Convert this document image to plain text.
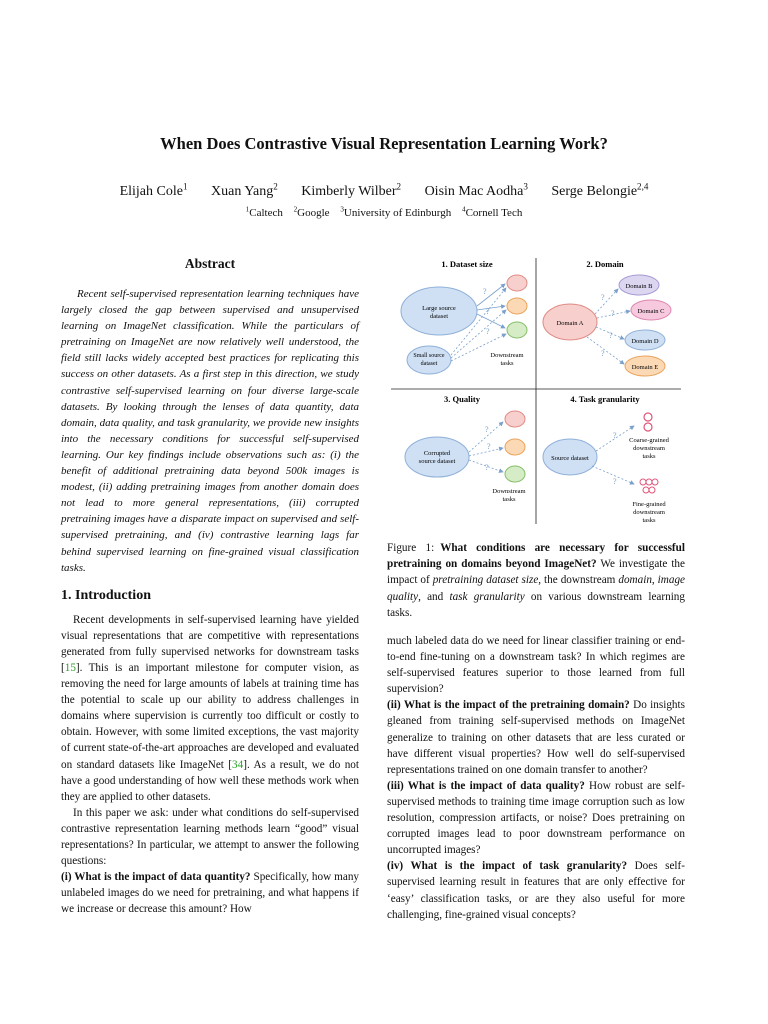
When Does Contrastive Visual Representation Learning Work?
Elijah Cole$^1$ Xuan Yang$^2$ Kimberly Wilber$^2$ Oisin Mac Aodha$^3$ Serge Belongie$^{2,4}$
$^1$Caltech $^2$Google $^3$University of Edinburgh $^4$Cornell Tech
Abstract

Recent self-supervised representation learning techniques have largely closed the gap between supervised and unsupervised learning on ImageNet classification. While the particulars of pretraining on ImageNet are now relatively well understood, the field still lacks widely accepted best practices for replicating this success on other datasets. As a first step in this direction, we study contrastive self-supervised learning on four diverse large-scale datasets. By looking through the lenses of data quantity, data domain, data quality, and task granularity, we provide new insights into the necessary conditions for successful self-supervised learning. Our key findings include observations such as: (i) the benefit of additional pretraining data beyond 500k images is modest, (ii) adding pretraining images from another domain does not lead to more general representations, (iii) corrupted pretraining images have a disparate impact on supervised and self-supervised pretraining, and (iv) contrastive learning lags far behind supervised learning on fine-grained visual classification tasks.

1. Introduction

Recent developments in self-supervised learning have yielded visual representations that are competitive with representations generated from fully supervised networks for downstream tasks [15]. This is an important milestone for computer vision, as removing the need for large amounts of labels at training time has the potential to scale up our ability to address challenges in domains where supervision is currently too difficult or costly to obtain. However, with some limited exceptions, the vast majority of current state-of-the-art approaches are developed and evaluated on standard datasets like ImageNet [34]. As a result, we do not have a good understanding of how well these methods work when they are applied to other datasets.

In this paper we ask: under what conditions do self-supervised contrastive representation learning methods learn “good” visual representations? In particular, we attempt to answer the following questions:

(i) What is the impact of data quantity? Specifically, how many unlabeled images do we need for pretraining, and what happens if we increase or decrease this amount? How

1. Dataset size	2. Domain
3. Quality	4. Task granularity
Large source
dataset
Small source
dataset
?
?
?
Downstream
tasks
Domain A
Domain B
Domain C
Domain D
Domain E
?
?
?
?
Corrupted
source dataset
?
?
?
Downstream
tasks
Source dataset
Coarse-grained
downstream
tasks
Fine-grained
downstream
tasks
?
?

Figure 1: What conditions are necessary for successful pretraining on domains beyond ImageNet? We investigate the impact of pretraining dataset size, the downstream domain, image quality, and task granularity on various downstream learning tasks.

much labeled data do we need for linear classifier training or end-to-end fine-tuning on a downstream task? In which regimes are self-supervised features superior to those learned from full supervision?

(ii) What is the impact of the pretraining domain? Do insights gleaned from training self-supervised methods on ImageNet generalize to training on other datasets that are less curated or have different visual properties? How well do self-supervised representations trained on one domain transfer to another?

(iii) What is the impact of data quality? How robust are self-supervised methods to training time image corruption such as low resolution, compression artifacts, or noise? Does pretraining on corrupted images lead to poor downstream performance on uncorrupted images?

(iv) What is the impact of task granularity? Does self-supervised learning result in features that are only effective for ‘easy’ classification tasks, or are they also useful for more challenging, fine-grained visual concepts?
